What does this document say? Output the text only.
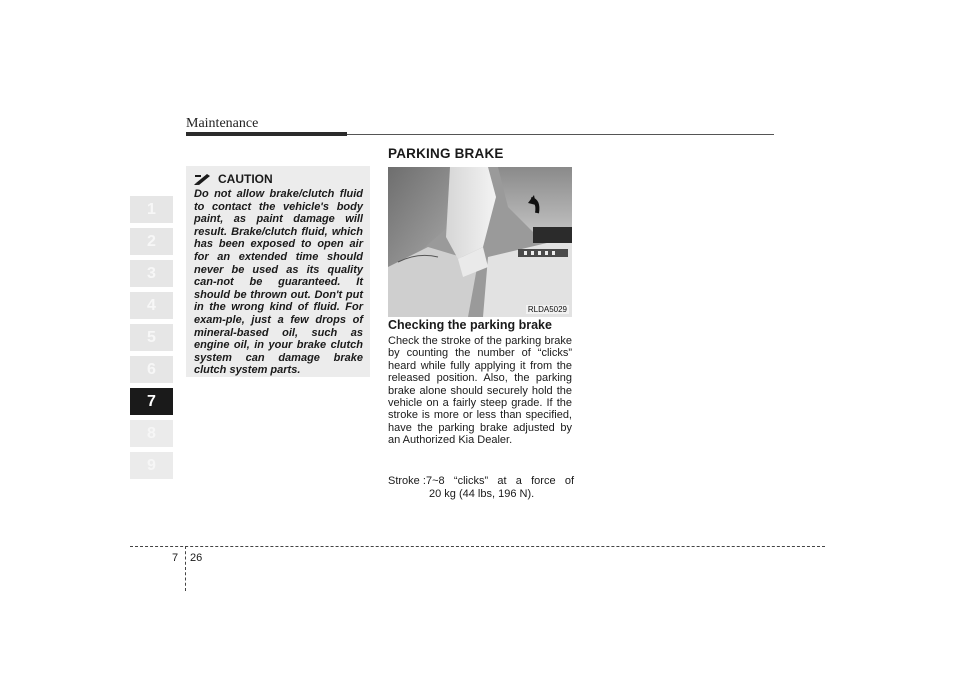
Maintenance
1
2
3
4
5
6
7
8
9
CAUTION
Do not allow brake/clutch fluid to contact the vehicle's body paint, as paint damage will result. Brake/clutch fluid, which has been exposed to open air for an extended time should never be used as its quality can-not be guaranteed. It should be thrown out. Don't put in the wrong kind of fluid. For exam-ple, just a few drops of mineral-based oil, such as engine oil, in your brake clutch system can damage brake clutch system parts.
PARKING BRAKE
RLDA5029
Checking the parking brake
Check the stroke of the parking brake by counting the number of “clicks” heard while fully applying it from the released position. Also, the parking brake alone should securely hold the vehicle on a fairly steep grade. If the stroke is more or less than specified, have the parking brake adjusted by an Authorized Kia Dealer.
Stroke : 7~8 “clicks” at a force of
20 kg (44 lbs, 196 N).
7 26
